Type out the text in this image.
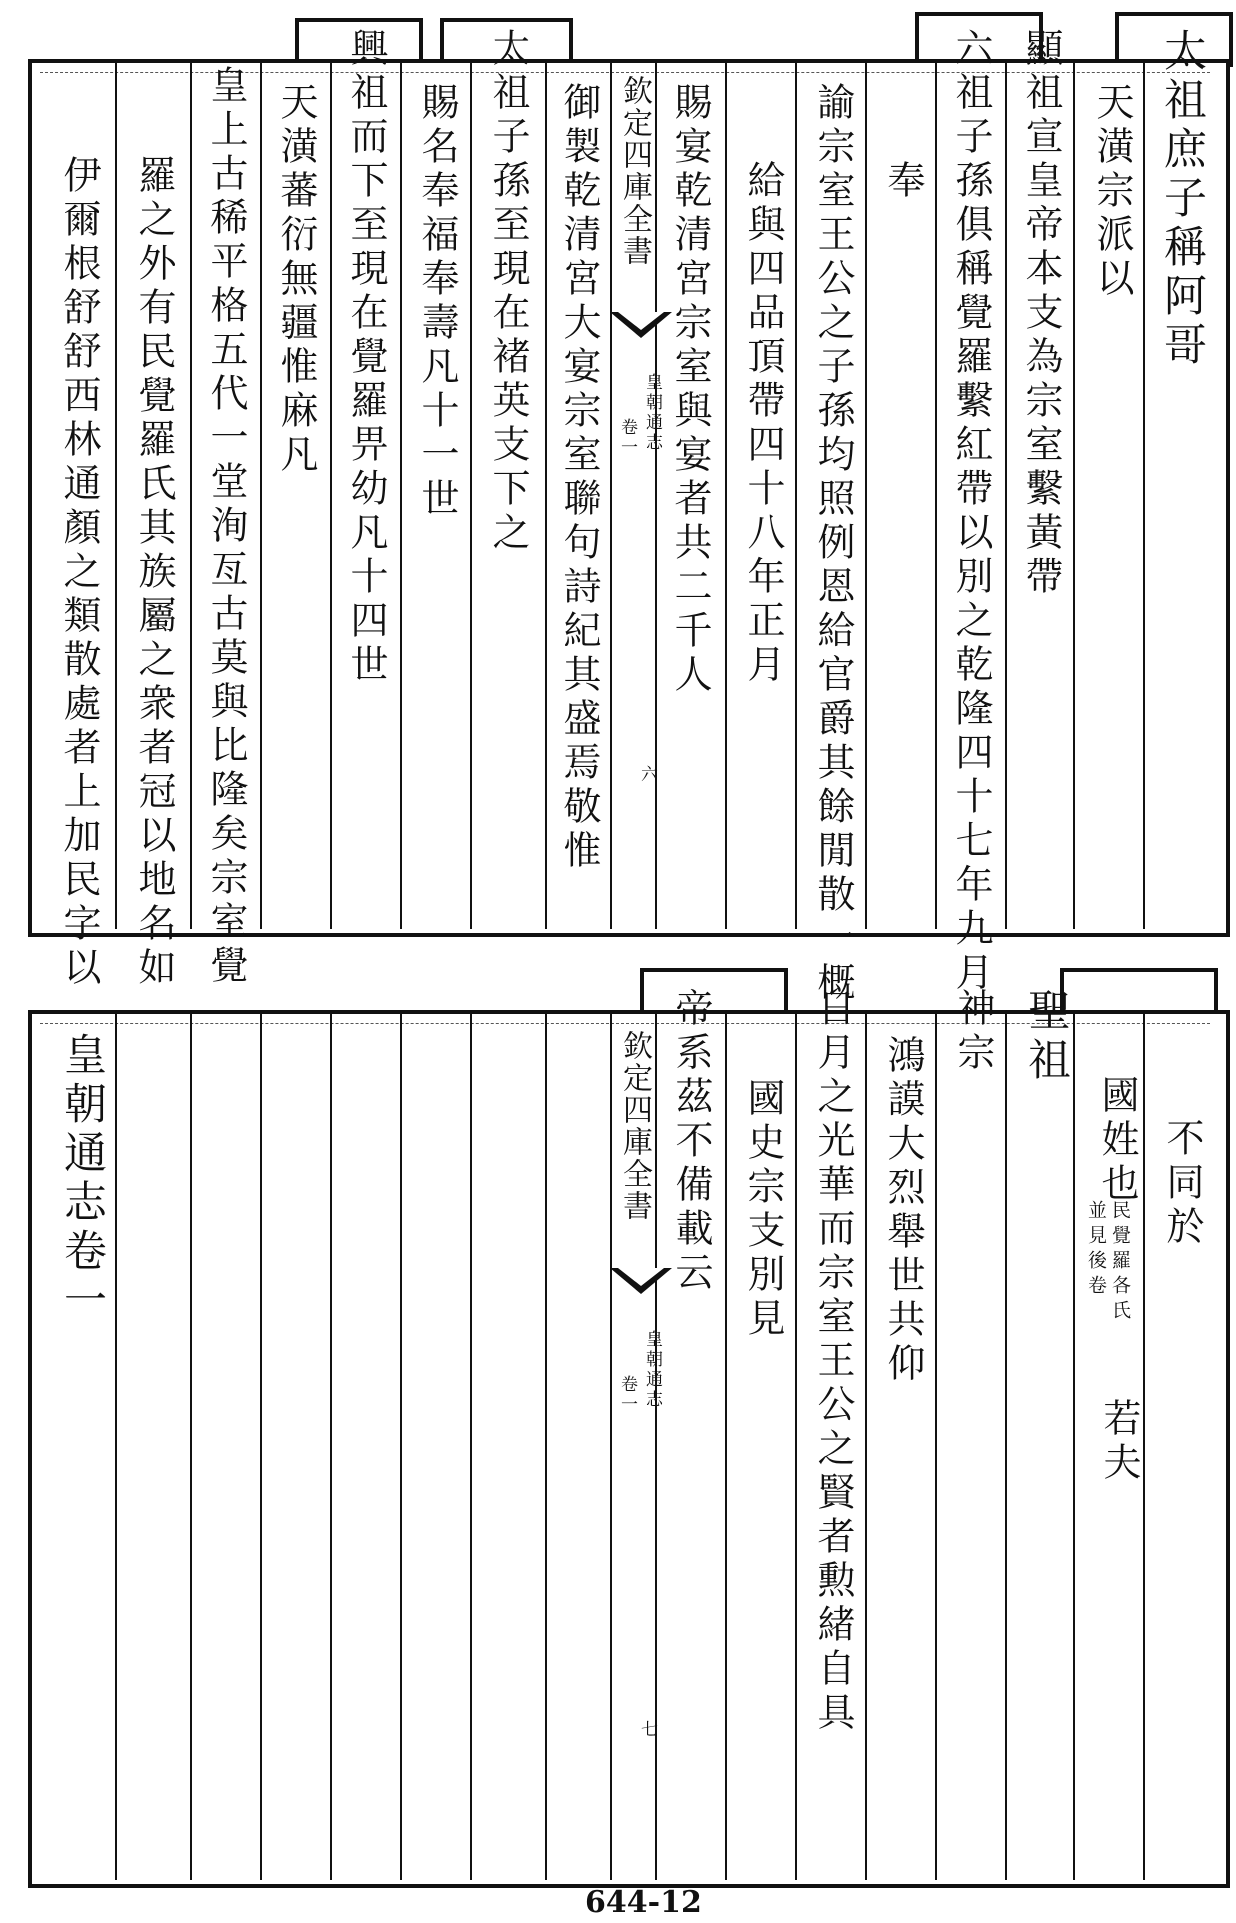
太祖庶子稱阿哥
天潢宗派以
顯祖宣皇帝本支為宗室繫黃帶
六祖子孫俱稱覺羅繫紅帶以別之乾隆四十七年九月
奉
諭宗室王公之子孫均照例恩給官爵其餘閒散一概
給與四品頂帶四十八年正月
賜宴乾清宮宗室與宴者共二千人
欽定四庫全書
皇朝通志
卷一
六
御製乾清宮大宴宗室聯句詩紀其盛焉敬惟
太祖子孫至現在褚英支下之
賜名奉福奉壽凡十一世
興祖而下至現在覺羅畀幼凡十四世
天潢蕃衍無疆惟麻凡
皇上古稀平格五代一堂洵亙古莫與比隆矣宗室覺
羅之外有民覺羅氏其族屬之衆者冠以地名如
伊爾根舒舒西林通顏之類散處者上加民字以
不同於
國姓也
民覺羅各氏
並見後卷
若夫
聖祖
神宗
鴻謨大烈舉世共仰
日月之光華而宗室王公之賢者勲緒自具
國史宗支別見
欽定四庫全書
皇朝通志
卷一
七
帝系茲不備載云
皇朝通志卷一
644-12
